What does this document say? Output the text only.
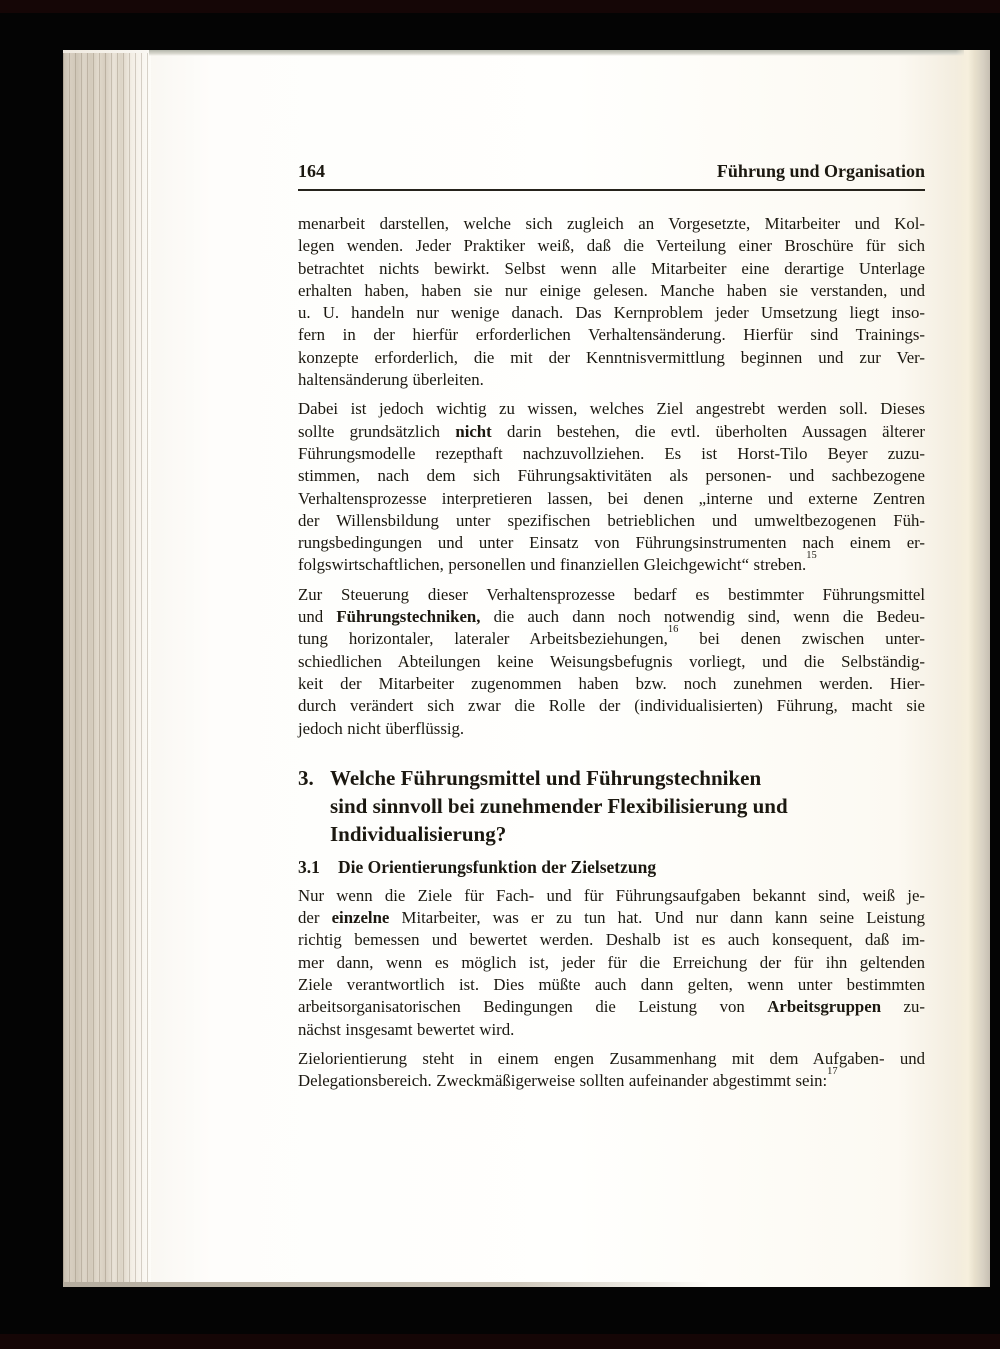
164	Führung und Organisation
menarbeit darstellen, welche sich zugleich an Vorgesetzte, Mitarbeiter und Kol-
legen wenden. Jeder Praktiker weiß, daß die Verteilung einer Broschüre für sich
betrachtet nichts bewirkt. Selbst wenn alle Mitarbeiter eine derartige Unterlage
erhalten haben, haben sie nur einige gelesen. Manche haben sie verstanden, und
u. U. handeln nur wenige danach. Das Kernproblem jeder Umsetzung liegt inso-
fern in der hierfür erforderlichen Verhaltensänderung. Hierfür sind Trainings-
konzepte erforderlich, die mit der Kenntnisvermittlung beginnen und zur Ver-
haltensänderung überleiten.
Dabei ist jedoch wichtig zu wissen, welches Ziel angestrebt werden soll. Dieses
sollte grundsätzlich nicht darin bestehen, die evtl. überholten Aussagen älterer
Führungsmodelle rezepthaft nachzuvollziehen. Es ist Horst-Tilo Beyer zuzu-
stimmen, nach dem sich Führungsaktivitäten als personen- und sachbezogene
Verhaltensprozesse interpretieren lassen, bei denen „interne und externe Zentren
der Willensbildung unter spezifischen betrieblichen und umweltbezogenen Füh-
rungsbedingungen und unter Einsatz von Führungsinstrumenten nach einem er-
folgswirtschaftlichen, personellen und finanziellen Gleichgewicht“ streben.$^{15}$
Zur Steuerung dieser Verhaltensprozesse bedarf es bestimmter Führungsmittel
und Führungstechniken, die auch dann noch notwendig sind, wenn die Bedeu-
tung horizontaler, lateraler Arbeitsbeziehungen,$^{16}$ bei denen zwischen unter-
schiedlichen Abteilungen keine Weisungsbefugnis vorliegt, und die Selbständig-
keit der Mitarbeiter zugenommen haben bzw. noch zunehmen werden. Hier-
durch verändert sich zwar die Rolle der (individualisierten) Führung, macht sie
jedoch nicht überflüssig.
3. Welche Führungsmittel und Führungstechniken
sind sinnvoll bei zunehmender Flexibilisierung und
Individualisierung?
3.1	Die Orientierungsfunktion der Zielsetzung
Nur wenn die Ziele für Fach- und für Führungsaufgaben bekannt sind, weiß je-
der einzelne Mitarbeiter, was er zu tun hat. Und nur dann kann seine Leistung
richtig bemessen und bewertet werden. Deshalb ist es auch konsequent, daß im-
mer dann, wenn es möglich ist, jeder für die Erreichung der für ihn geltenden
Ziele verantwortlich ist. Dies müßte auch dann gelten, wenn unter bestimmten
arbeitsorganisatorischen Bedingungen die Leistung von Arbeitsgruppen zu-
nächst insgesamt bewertet wird.
Zielorientierung steht in einem engen Zusammenhang mit dem Aufgaben- und
Delegationsbereich. Zweckmäßigerweise sollten aufeinander abgestimmt sein:$^{17}$
